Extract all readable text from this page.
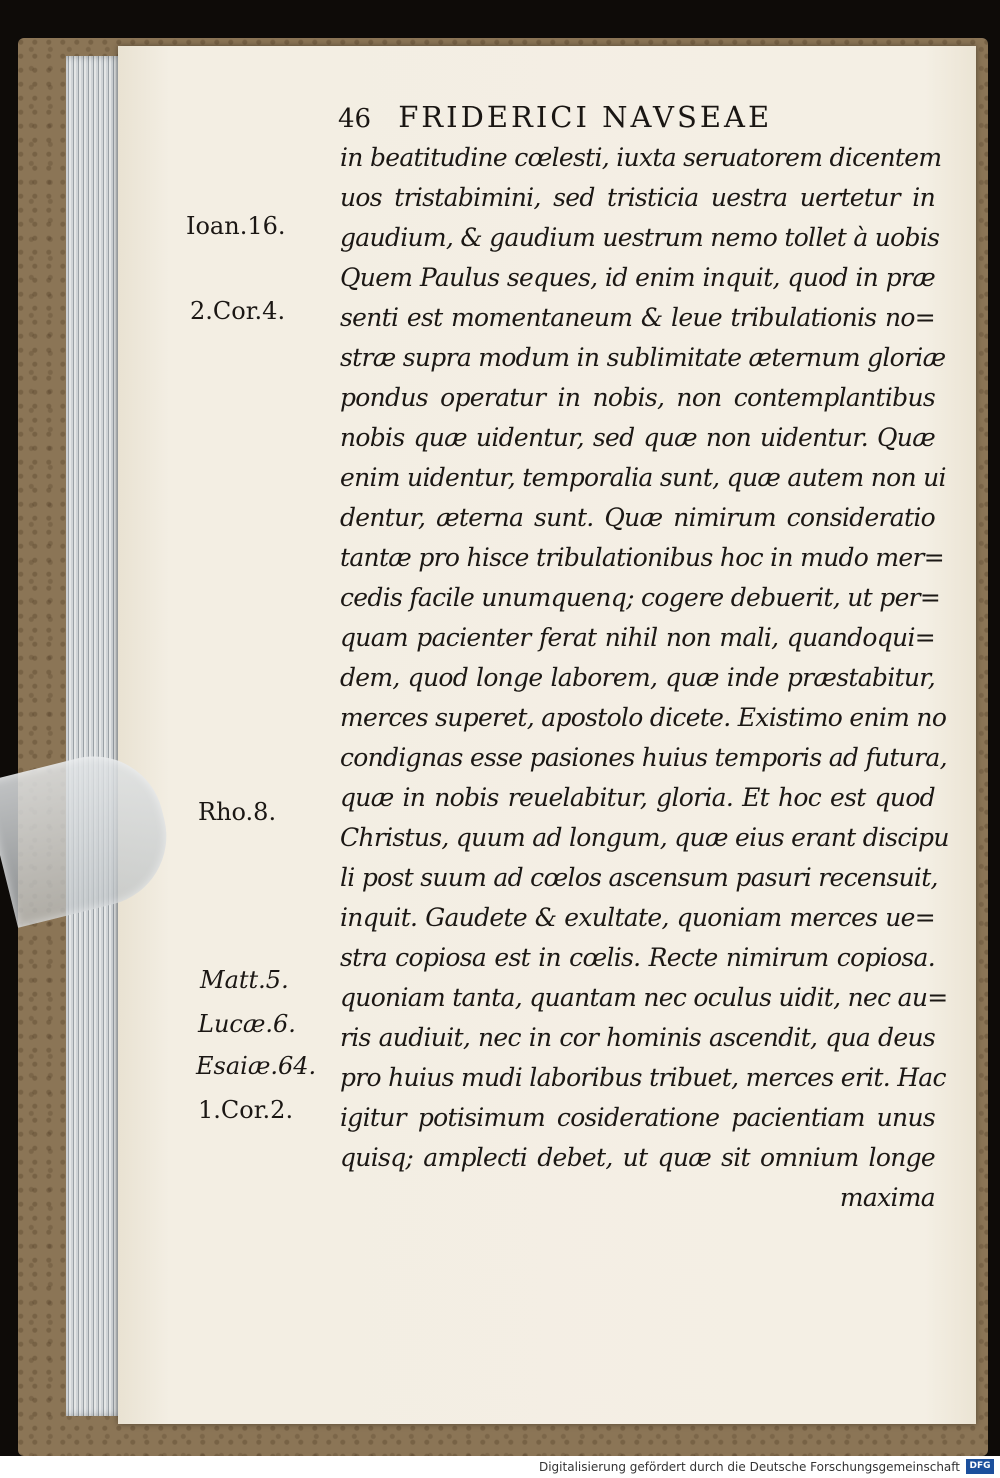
46 FRIDERICI NAVSEAE
in beatitudine cœlesti, iuxta seruatorem dicentem
uos tristabimini, sed tristicia uestra uertetur in
gaudium, & gaudium uestrum nemo tollet à uobis
Quem Paulus seques, id enim inquit, quod in præ
senti est momentaneum & leue tribulationis no=
stræ supra modum in sublimitate æternum gloriæ
pondus operatur in nobis, non contemplantibus
nobis quæ uidentur, sed quæ non uidentur. Quæ
enim uidentur, temporalia sunt, quæ autem non ui
dentur, æterna sunt. Quæ nimirum consideratio
tantæ pro hisce tribulationibus hoc in mudo mer=
cedis facile unumquenq; cogere debuerit, ut per=
quam pacienter ferat nihil non mali, quandoqui=
dem, quod longe laborem, quæ inde præstabitur,
merces superet, apostolo dicete. Existimo enim no
condignas esse pasiones huius temporis ad futura,
quæ in nobis reuelabitur, gloria. Et hoc est quod
Christus, quum ad longum, quæ eius erant discipu
li post suum ad cœlos ascensum pasuri recensuit,
inquit. Gaudete & exultate, quoniam merces ue=
stra copiosa est in cœlis. Recte nimirum copiosa.
quoniam tanta, quantam nec oculus uidit, nec au=
ris audiuit, nec in cor hominis ascendit, qua deus
pro huius mudi laboribus tribuet, merces erit. Hac
igitur potisimum cosideratione pacientiam unus
quisq; amplecti debet, ut quæ sit omnium longe
maxima
Ioan.16.
2.Cor.4.
Rho.8.
Matt.5.
Lucæ.6.
Esaiæ.64.
1.Cor.2.
Digitalisierung gefördert durch die Deutsche Forschungsgemeinschaft	DFG
